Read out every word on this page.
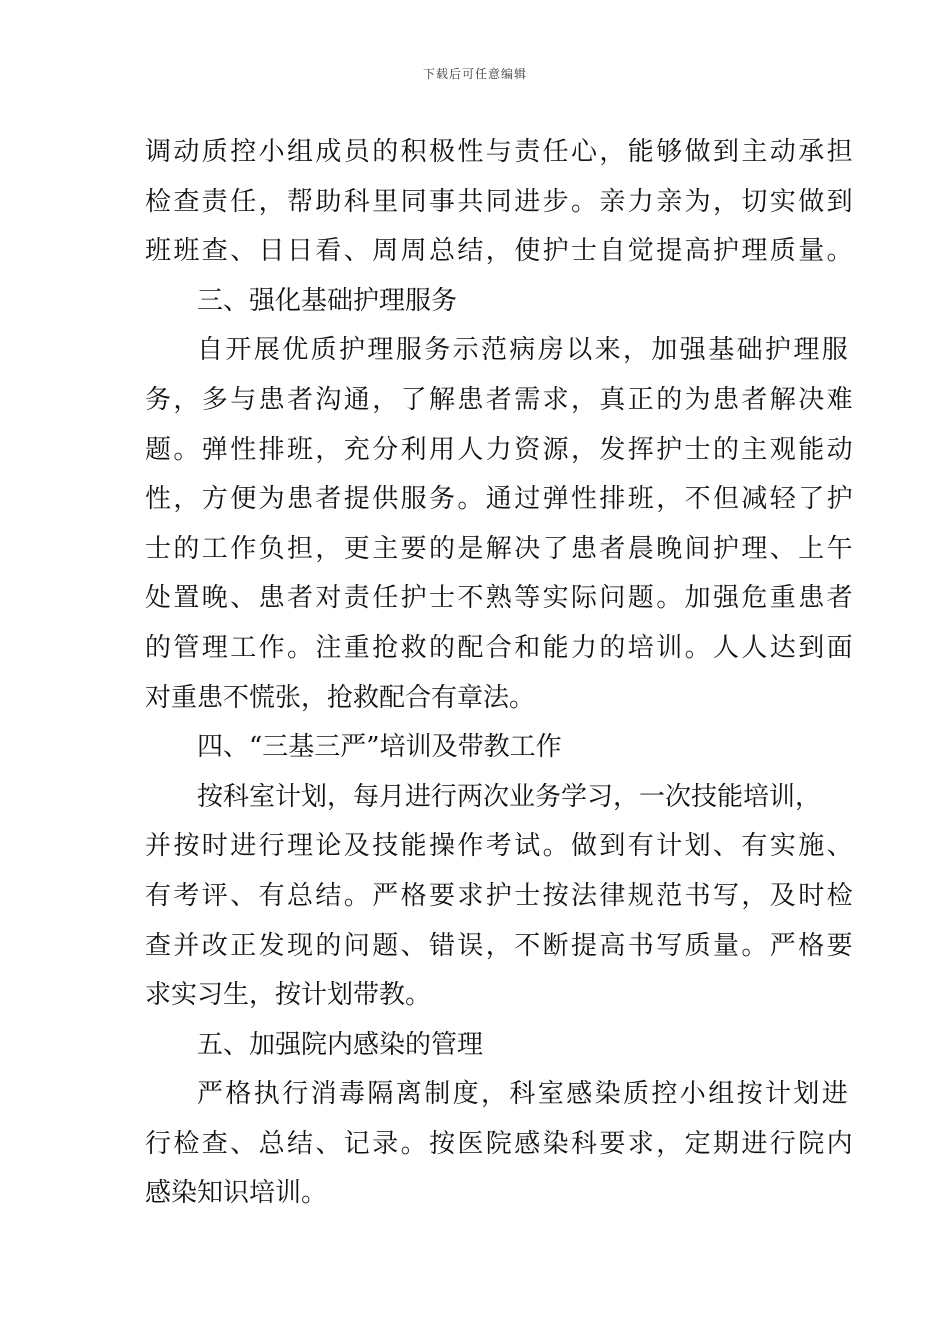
下载后可任意编辑
调动质控小组成员的积极性与责任心，能够做到主动承担
检查责任，帮助科里同事共同进步。亲力亲为，切实做到
班班查、日日看、周周总结，使护士自觉提高护理质量。
三、强化基础护理服务
自开展优质护理服务示范病房以来，加强基础护理服
务，多与患者沟通，了解患者需求，真正的为患者解决难
题。弹性排班，充分利用人力资源，发挥护士的主观能动
性，方便为患者提供服务。通过弹性排班，不但减轻了护
士的工作负担，更主要的是解决了患者晨晚间护理、上午
处置晚、患者对责任护士不熟等实际问题。加强危重患者
的管理工作。注重抢救的配合和能力的培训。人人达到面
对重患不慌张，抢救配合有章法。
四、“三基三严”培训及带教工作
按科室计划，每月进行两次业务学习，一次技能培训，
并按时进行理论及技能操作考试。做到有计划、有实施、
有考评、有总结。严格要求护士按法律规范书写，及时检
查并改正发现的问题、错误，不断提高书写质量。严格要
求实习生，按计划带教。
五、加强院内感染的管理
严格执行消毒隔离制度，科室感染质控小组按计划进
行检查、总结、记录。按医院感染科要求，定期进行院内
感染知识培训。
